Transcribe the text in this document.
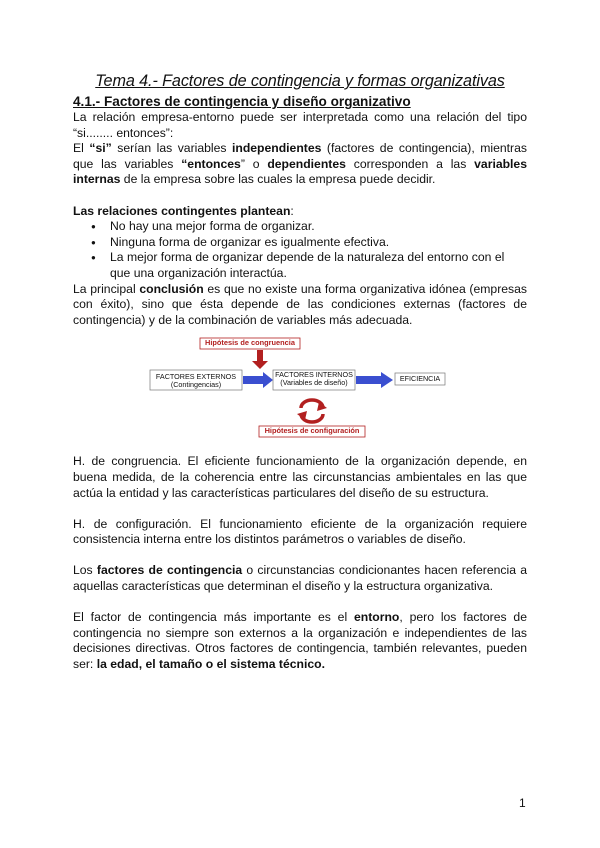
Tema 4.- Factores de contingencia y formas organizativas
4.1.- Factores de contingencia y diseño organizativo

La relación empresa-entorno puede ser interpretada como una relación del tipo “si........ entonces”:

El “si” serían las variables independientes (factores de contingencia), mientras que las variables “entonces” o dependientes corresponden a las variables internas de la empresa sobre las cuales la empresa puede decidir.

Las relaciones contingentes plantean:

● No hay una mejor forma de organizar.
● Ninguna forma de organizar es igualmente efectiva.
● La mejor forma de organizar depende de la naturaleza del entorno con el que una organización interactúa.

La principal conclusión es que no existe una forma organizativa idónea (empresas con éxito), sino que ésta depende de las condiciones externas (factores de contingencia) y de la combinación de variables más adecuada.

Hipótesis de congruencia
FACTORES EXTERNOS
(Contingencias)
FACTORES INTERNOS
(Variables de diseño)	EFICIENCIA
Hipótesis de configuración

H. de congruencia. El eficiente funcionamiento de la organización depende, en buena medida, de la coherencia entre las circunstancias ambientales en las que actúa la entidad y las características particulares del diseño de su estructura.

H. de configuración. El funcionamiento eficiente de la organización requiere consistencia interna entre los distintos parámetros o variables de diseño.

Los factores de contingencia o circunstancias condicionantes hacen referencia a aquellas características que determinan el diseño y la estructura organizativa.

El factor de contingencia más importante es el entorno, pero los factores de contingencia no siempre son externos a la organización e independientes de las decisiones directivas. Otros factores de contingencia, también relevantes, pueden ser: la edad, el tamaño o el sistema técnico.

1
